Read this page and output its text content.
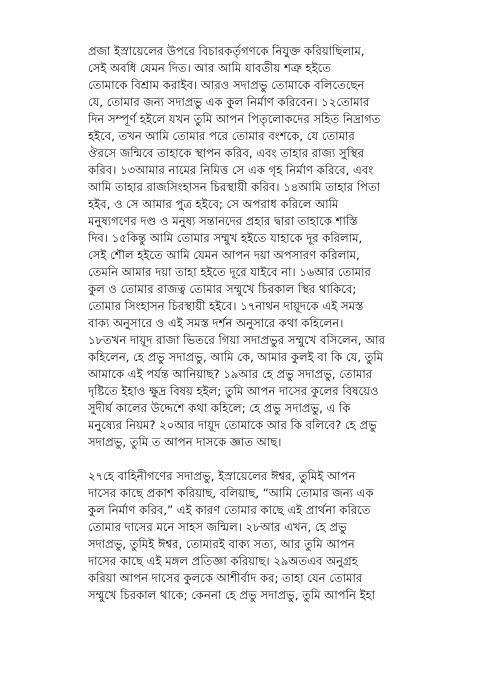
প্রজা ইস্রায়েলের উপরে বিচারকর্তৃগণকে নিযুক্ত করিয়াছিলাম,
সেই অবধি যেমন দিত। আর আমি যাবতীয় শত্রু হইতে
তোমাকে বিশ্রাম করাইব। আরও সদাপ্রভু তোমাকে বলিতেছেন
যে, তোমার জন্য সদাপ্রভু এক কুল নির্মাণ করিবেন। ১২তোমার
দিন সম্পূর্ণ হইলে যখন তুমি আপন পিতৃলোকদের সহিত নিদ্রাগত
হইবে, তখন আমি তোমার পরে তোমার বংশকে, যে তোমার
ঔরসে জন্মিবে তাহাকে স্থাপন করিব, এবং তাহার রাজ্য সুস্থির
করিব। ১৩আমার নামের নিমিত্ত সে এক গৃহ নির্মাণ করিবে, এবং
আমি তাহার রাজসিংহাসন চিরস্থায়ী করিব। ১৪আমি তাহার পিতা
হইব, ও সে আমার পুত্র হইবে; সে অপরাধ করিলে আমি
মনুষ্যগণের দণ্ড ও মনুষ্য সন্তানদের প্রহার দ্বারা তাহাকে শাস্তি
দিব। ১৫কিন্তু আমি তোমার সম্মুখ হইতে যাহাকে দূর করিলাম,
সেই শৌল হইতে আমি যেমন আপন দয়া অপসারণ করিলাম,
তেমনি আমার দয়া তাহা হইতে দূরে যাইবে না। ১৬আর তোমার
কুল ও তোমার রাজত্ব তোমার সম্মুখে চিরকাল স্থির থাকিবে;
তোমার সিংহাসন চিরস্থায়ী হইবে। ১৭নাথন দায়ূদকে এই সমস্ত
বাক্য অনুসারে ও এই সমস্ত দর্শন অনুসারে কথা কহিলেন।
১৮তখন দায়ূদ রাজা ভিতরে গিয়া সদাপ্রভুর সম্মুখে বসিলেন, আর
কহিলেন, হে প্রভু সদাপ্রভু, আমি কে, আমার কুলই বা কি যে, তুমি
আমাকে এই পর্যন্ত আনিয়াছ? ১৯আর হে প্রভু সদাপ্রভু, তোমার
দৃষ্টিতে ইহাও ক্ষুদ্র বিষয় হইল; তুমি আপন দাসের কুলের বিষয়েও
সুদীর্ঘ কালের উদ্দেশে কথা কহিলে; হে প্রভু সদাপ্রভু, এ কি
মনুষ্যের নিয়ম? ২০আর দায়ূদ তোমাকে আর কি বলিবে? হে প্রভু
সদাপ্রভু, তুমি ত আপন দাসকে জ্ঞাত আছ।
২৭হে বাহিনীগণের সদাপ্রভু, ইস্রায়েলের ঈশ্বর, তুমিই আপন
দাসের কাছে প্রকাশ করিয়াছ, বলিয়াছ, “আমি তোমার জন্য এক
কুল নির্মাণ করিব,” এই কারণ তোমার কাছে এই প্রার্থনা করিতে
তোমার দাসের মনে সাহস জন্মিল। ২৮আর এখন, হে প্রভু
সদাপ্রভু, তুমিই ঈশ্বর, তোমারই বাক্য সত্য, আর তুমি আপন
দাসের কাছে এই মঙ্গল প্রতিজ্ঞা করিয়াছ। ২৯অতএব অনুগ্রহ
করিয়া আপন দাসের কুলকে আশীর্বাদ কর; তাহা যেন তোমার
সম্মুখে চিরকাল থাকে; কেননা হে প্রভু সদাপ্রভু, তুমি আপনি ইহা
